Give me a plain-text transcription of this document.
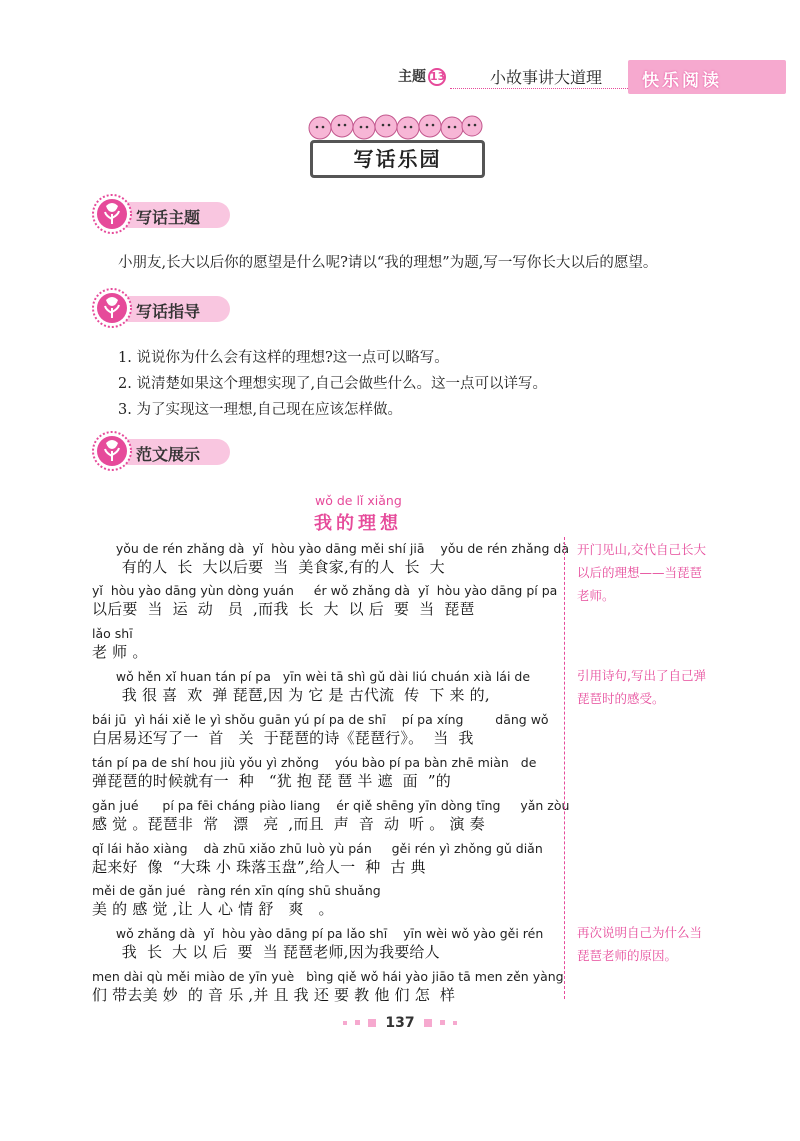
主题 13	小故事讲大道理 快乐阅读
写话乐园
写话主题
小朋友,长大以后你的愿望是什么呢?请以“我的理想”为题,写一写你长大以后的愿望。
写话指导
1. 说说你为什么会有这样的理想?这一点可以略写。
2. 说清楚如果这个理想实现了,自己会做些什么。这一点可以详写。
3. 为了实现这一理想,自己现在应该怎样做。
范文展示
wǒ de lǐ xiǎng
我的理想
yǒu de rén zhǎng dà  yǐ  hòu yào dāng měi shí jiā    yǒu de rén zhǎng dà
有的人  长  大以后要  当  美食家,有的人  长  大
yǐ  hòu yào dāng yùn dòng yuán     ér wǒ zhǎng dà  yǐ  hòu yào dāng pí pa
以后要  当  运  动   员  ,而我  长  大  以 后  要  当  琵琶
lǎo shī
老 师 。
wǒ hěn xǐ huan tán pí pa   yīn wèi tā shì gǔ dài liú chuán xià lái de
我 很 喜  欢  弹 琵琶,因 为 它 是 古代流  传  下 来 的,
bái jū  yì hái xiě le yì shǒu guān yú pí pa de shī    pí pa xíng        dāng wǒ
白居易还写了一  首   关  于琵琶的诗《琵琶行》。  当  我
tán pí pa de shí hou jiù yǒu yì zhǒng    yóu bào pí pa bàn zhē miàn   de
弹琵琶的时候就有一  种   “犹 抱 琵 琶 半 遮  面  ”的
gǎn jué      pí pa fēi cháng piào liang    ér qiě shēng yīn dòng tīng     yǎn zòu
感 觉 。琵琶非  常   漂   亮  ,而且  声  音  动  听 。 演 奏
qǐ lái hǎo xiàng    dà zhū xiǎo zhū luò yù pán     gěi rén yì zhǒng gǔ diǎn
起来好  像  “大珠 小 珠落玉盘”,给人一  种  古 典
měi de gǎn jué   ràng rén xīn qíng shū shuǎng
美 的 感 觉 ,让 人 心 情 舒   爽   。
wǒ zhǎng dà  yǐ  hòu yào dāng pí pa lǎo shī    yīn wèi wǒ yào gěi rén
我  长  大 以 后  要  当 琵琶老师,因为我要给人
men dài qù měi miào de yīn yuè   bìng qiě wǒ hái yào jiāo tā men zěn yàng
们 带去美 妙  的 音 乐 ,并 且 我 还 要 教 他 们 怎  样
开门见山,交代自己长大以后的理想——当琵琶老师。
引用诗句,写出了自己弹琵琶时的感受。
再次说明自己为什么当琵琶老师的原因。
137
